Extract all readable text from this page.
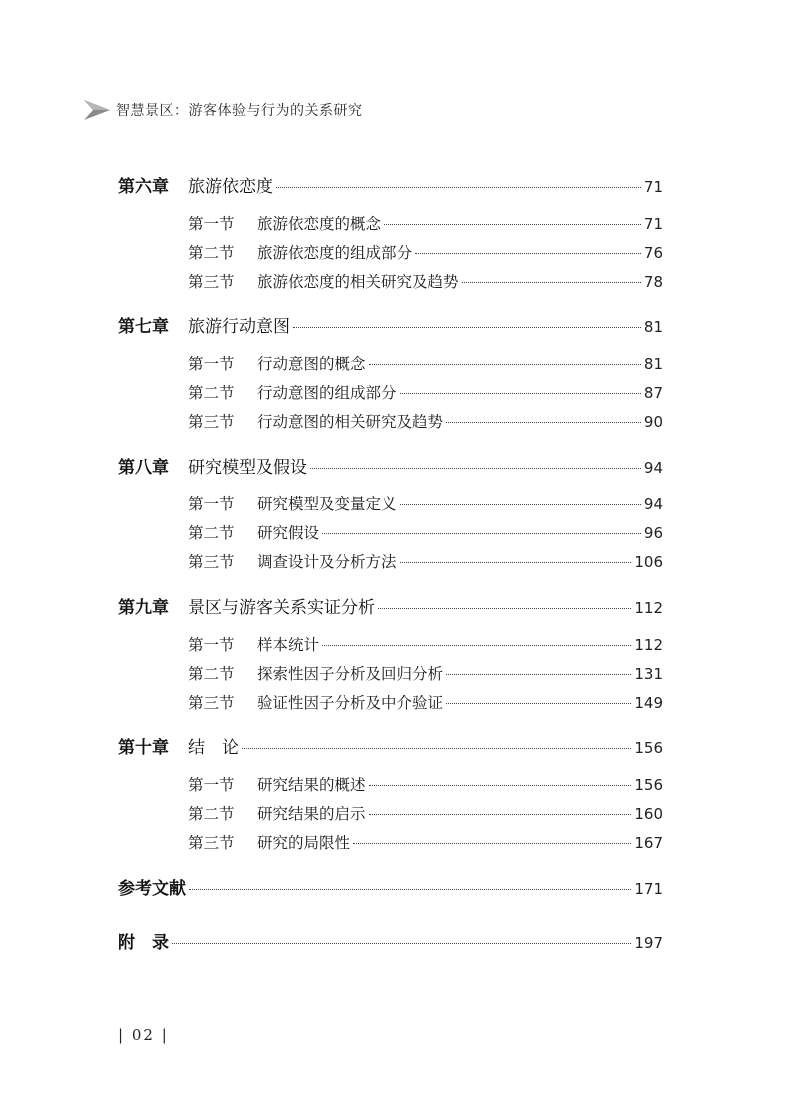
智慧景区：游客体验与行为的关系研究
第六章	旅游依恋度	71
第一节	旅游依恋度的概念	71
第二节	旅游依恋度的组成部分	76
第三节	旅游依恋度的相关研究及趋势	78
第七章	旅游行动意图	81
第一节	行动意图的概念	81
第二节	行动意图的组成部分	87
第三节	行动意图的相关研究及趋势	90
第八章	研究模型及假设	94
第一节	研究模型及变量定义	94
第二节	研究假设	96
第三节	调查设计及分析方法	106
第九章	景区与游客关系实证分析	112
第一节	样本统计	112
第二节	探索性因子分析及回归分析	131
第三节	验证性因子分析及中介验证	149
第十章	结　论	156
第一节	研究结果的概述	156
第二节	研究结果的启示	160
第三节	研究的局限性	167
参考文献	171
附　录	197
| 02 |
